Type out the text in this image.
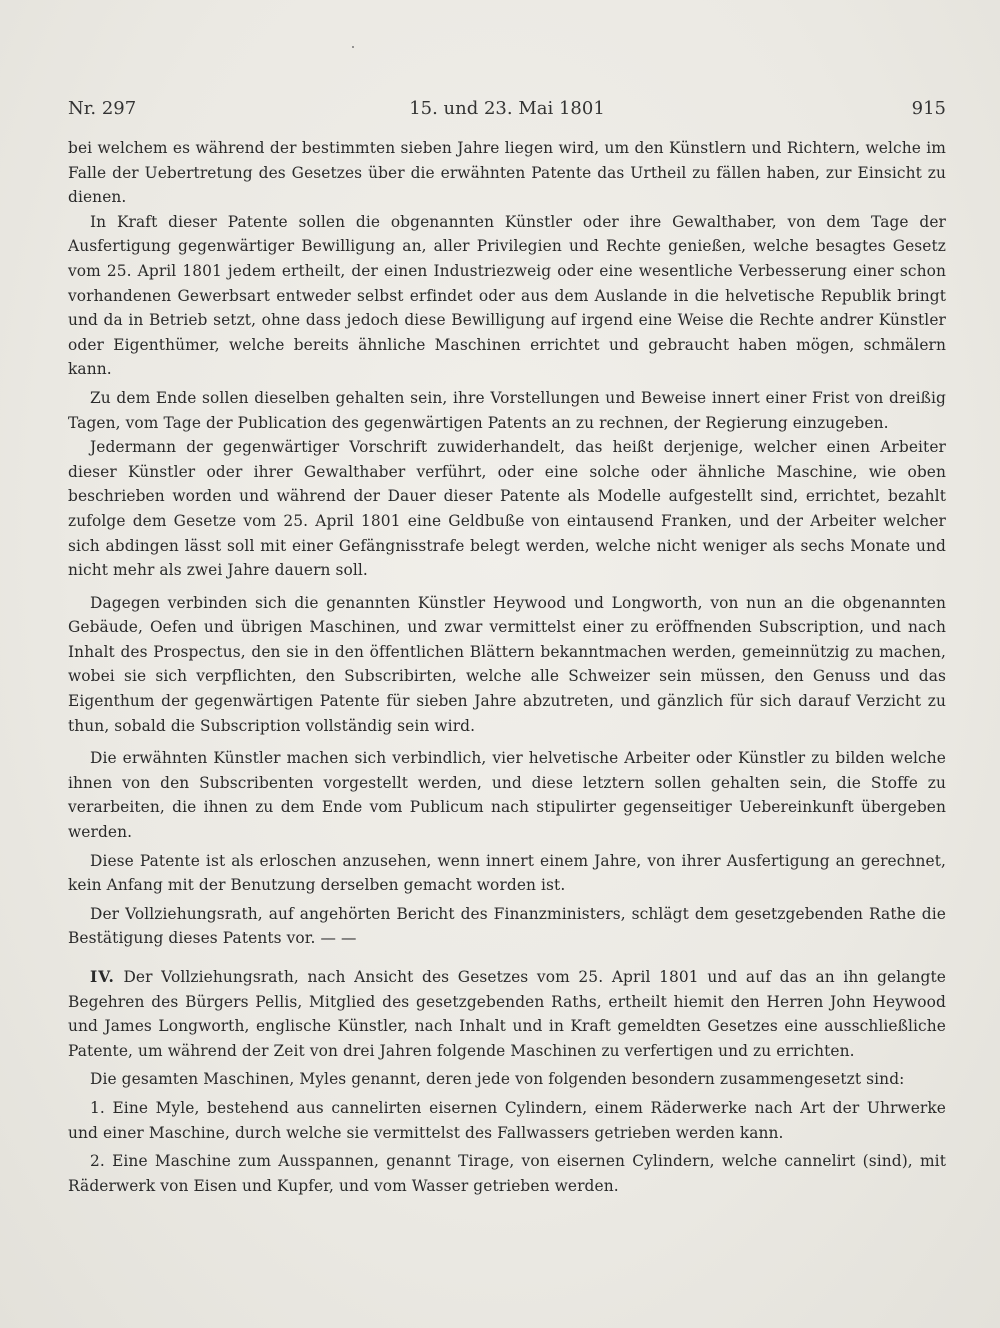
Nr. 297	15. und 23. Mai 1801	915

bei welchem es während der bestimmten sieben Jahre liegen wird, um den Künstlern und Richtern, welche im Falle der Uebertretung des Gesetzes über die erwähnten Patente das Urtheil zu fällen haben, zur Einsicht zu dienen.

In Kraft dieser Patente sollen die obgenannten Künstler oder ihre Gewalthaber, von dem Tage der Ausfertigung gegenwärtiger Bewilligung an, aller Privilegien und Rechte genießen, welche besagtes Gesetz vom 25. April 1801 jedem ertheilt, der einen Industriezweig oder eine wesentliche Verbesserung einer schon vorhandenen Gewerbsart entweder selbst erfindet oder aus dem Auslande in die helvetische Republik bringt und da in Betrieb setzt, ohne dass jedoch diese Bewilligung auf irgend eine Weise die Rechte andrer Künstler oder Eigenthümer, welche bereits ähnliche Maschinen errichtet und gebraucht haben mögen, schmälern kann.

Zu dem Ende sollen dieselben gehalten sein, ihre Vorstellungen und Beweise innert einer Frist von dreißig Tagen, vom Tage der Publication des gegenwärtigen Patents an zu rechnen, der Regierung einzugeben.

Jedermann der gegenwärtiger Vorschrift zuwiderhandelt, das heißt derjenige, welcher einen Arbeiter dieser Künstler oder ihrer Gewalthaber verführt, oder eine solche oder ähnliche Maschine, wie oben beschrieben worden und während der Dauer dieser Patente als Modelle aufgestellt sind, errichtet, bezahlt zufolge dem Gesetze vom 25. April 1801 eine Geldbuße von eintausend Franken, und der Arbeiter welcher sich abdingen lässt soll mit einer Gefängnisstrafe belegt werden, welche nicht weniger als sechs Monate und nicht mehr als zwei Jahre dauern soll.

Dagegen verbinden sich die genannten Künstler Heywood und Longworth, von nun an die obgenannten Gebäude, Oefen und übrigen Maschinen, und zwar vermittelst einer zu eröffnenden Subscription, und nach Inhalt des Prospectus, den sie in den öffentlichen Blättern bekanntmachen werden, gemeinnützig zu machen, wobei sie sich verpflichten, den Subscribirten, welche alle Schweizer sein müssen, den Genuss und das Eigenthum der gegenwärtigen Patente für sieben Jahre abzutreten, und gänzlich für sich darauf Verzicht zu thun, sobald die Subscription vollständig sein wird.

Die erwähnten Künstler machen sich verbindlich, vier helvetische Arbeiter oder Künstler zu bilden welche ihnen von den Subscribenten vorgestellt werden, und diese letztern sollen gehalten sein, die Stoffe zu verarbeiten, die ihnen zu dem Ende vom Publicum nach stipulirter gegenseitiger Uebereinkunft übergeben werden.

Diese Patente ist als erloschen anzusehen, wenn innert einem Jahre, von ihrer Ausfertigung an gerechnet, kein Anfang mit der Benutzung derselben gemacht worden ist.

Der Vollziehungsrath, auf angehörten Bericht des Finanzministers, schlägt dem gesetzgebenden Rathe die Bestätigung dieses Patents vor. — —

IV. Der Vollziehungsrath, nach Ansicht des Gesetzes vom 25. April 1801 und auf das an ihn gelangte Begehren des Bürgers Pellis, Mitglied des gesetzgebenden Raths, ertheilt hiemit den Herren John Heywood und James Longworth, englische Künstler, nach Inhalt und in Kraft gemeldten Gesetzes eine ausschließliche Patente, um während der Zeit von drei Jahren folgende Maschinen zu verfertigen und zu errichten.

Die gesamten Maschinen, Myles genannt, deren jede von folgenden besondern zusammengesetzt sind:

1. Eine Myle, bestehend aus cannelirten eisernen Cylindern, einem Räderwerke nach Art der Uhrwerke und einer Maschine, durch welche sie vermittelst des Fallwassers getrieben werden kann.

2. Eine Maschine zum Ausspannen, genannt Tirage, von eisernen Cylindern, welche cannelirt (sind), mit Räderwerk von Eisen und Kupfer, und vom Wasser getrieben werden.
